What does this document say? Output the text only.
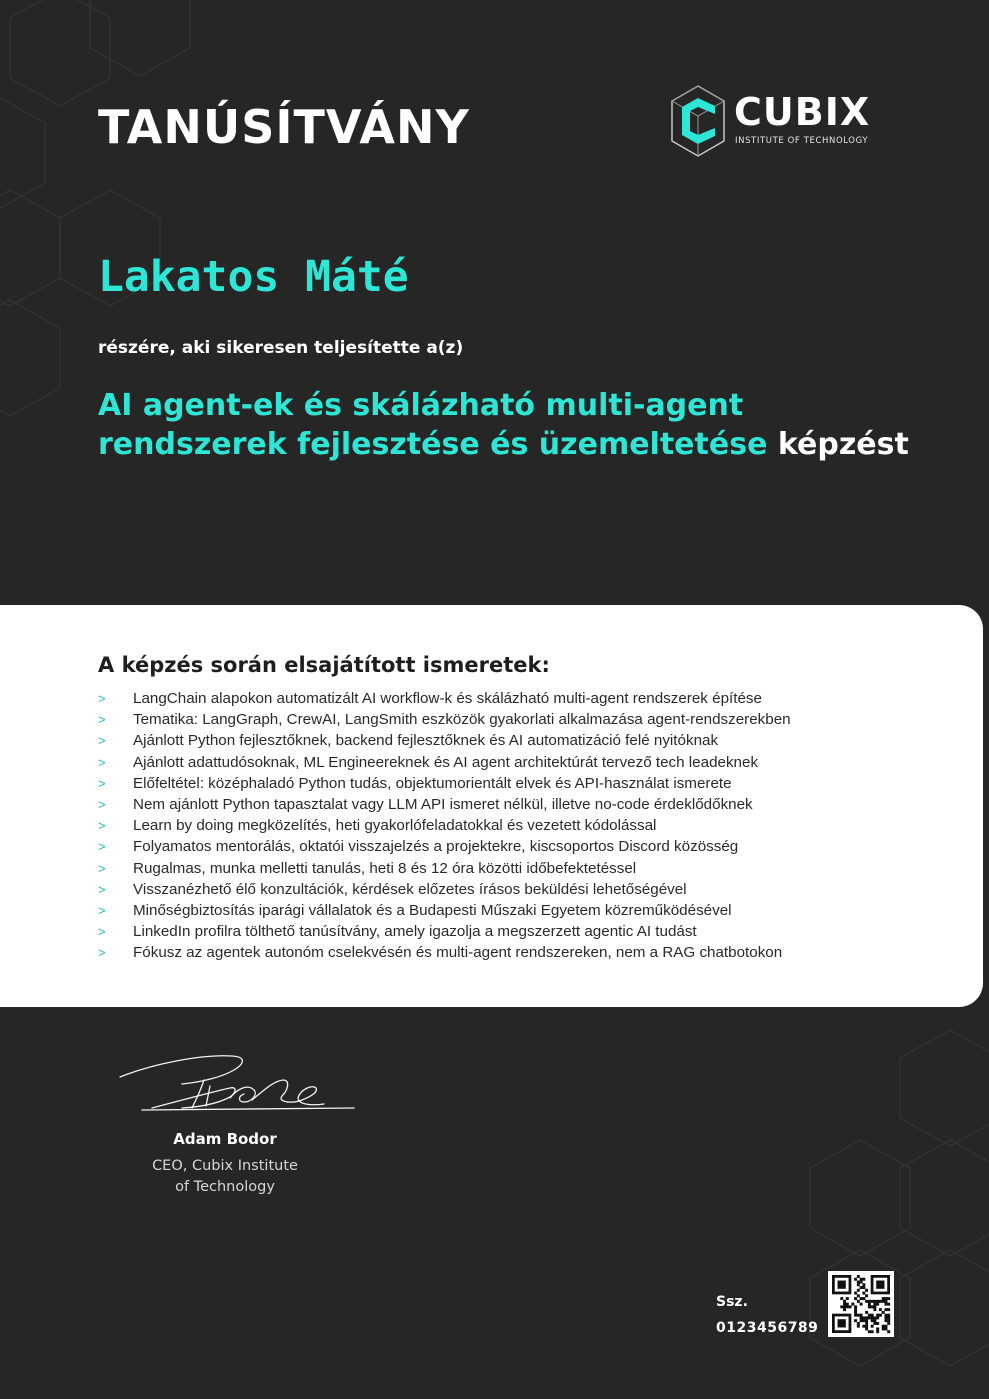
TANÚSÍTVÁNY	CUBIX
INSTITUTE OF TECHNOLOGY
Lakatos Máté
részére, aki sikeresen teljesítette a(z)
AI agent-ek és skálázható multi-agent rendszerek fejlesztése és üzemeltetése képzést
A képzés során elsajátított ismeretek:
> LangChain alapokon automatizált AI workflow-k és skálázható multi-agent rendszerek építése
> Tematika: LangGraph, CrewAI, LangSmith eszközök gyakorlati alkalmazása agent-rendszerekben
> Ajánlott Python fejlesztőknek, backend fejlesztőknek és AI automatizáció felé nyitóknak
> Ajánlott adattudósoknak, ML Engineereknek és AI agent architektúrát tervező tech leadeknek
> Előfeltétel: középhaladó Python tudás, objektumorientált elvek és API-használat ismerete
> Nem ajánlott Python tapasztalat vagy LLM API ismeret nélkül, illetve no-code érdeklődőknek
> Learn by doing megközelítés, heti gyakorlófeladatokkal és vezetett kódolással
> Folyamatos mentorálás, oktatói visszajelzés a projektekre, kiscsoportos Discord közösség
> Rugalmas, munka melletti tanulás, heti 8 és 12 óra közötti időbefektetéssel
> Visszanézhető élő konzultációk, kérdések előzetes írásos beküldési lehetőségével
> Minőségbiztosítás iparági vállalatok és a Budapesti Műszaki Egyetem közreműködésével
> LinkedIn profilra tölthető tanúsítvány, amely igazolja a megszerzett agentic AI tudást
> Fókusz az agentek autonóm cselekvésén és multi-agent rendszereken, nem a RAG chatbotokon
Adam Bodor
CEO, Cubix Institute
of Technology
Ssz.
0123456789
